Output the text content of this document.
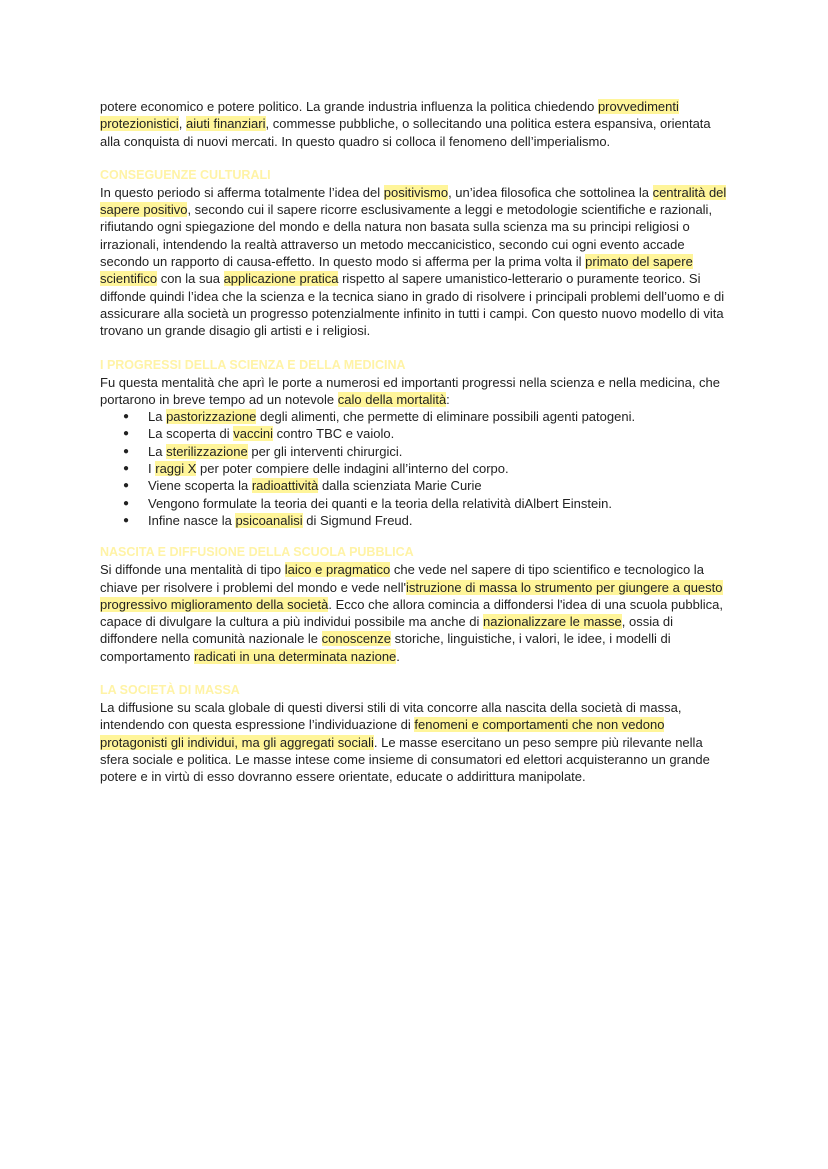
potere economico e potere politico. La grande industria influenza la politica chiedendo provvedimenti protezionistici, aiuti finanziari, commesse pubbliche, o sollecitando una politica estera espansiva, orientata alla conquista di nuovi mercati. In questo quadro si colloca il fenomeno dell’imperialismo.

CONSEGUENZE CULTURALI

In questo periodo si afferma totalmente l’idea del positivismo, un’idea filosofica che sottolinea la centralità del sapere positivo, secondo cui il sapere ricorre esclusivamente a leggi e metodologie scientifiche e razionali, rifiutando ogni spiegazione del mondo e della natura non basata sulla scienza ma su principi religiosi o irrazionali, intendendo la realtà attraverso un metodo meccanicistico, secondo cui ogni evento accade secondo un rapporto di causa-effetto. In questo modo si afferma per la prima volta il primato del sapere scientifico con la sua applicazione pratica rispetto al sapere umanistico-letterario o puramente teorico. Si diffonde quindi l’idea che la scienza e la tecnica siano in grado di risolvere i principali problemi dell’uomo e di assicurare alla società un progresso potenzialmente infinito in tutti i campi. Con questo nuovo modello di vita trovano un grande disagio gli artisti e i religiosi.

I PROGRESSI DELLA SCIENZA E DELLA MEDICINA

Fu questa mentalità che aprì le porte a numerosi ed importanti progressi nella scienza e nella medicina, che portarono in breve tempo ad un notevole calo della mortalità:

● La pastorizzazione degli alimenti, che permette di eliminare possibili agenti patogeni.
● La scoperta di vaccini contro TBC e vaiolo.
● La sterilizzazione per gli interventi chirurgici.
● I raggi X per poter compiere delle indagini all’interno del corpo.
● Viene scoperta la radioattività dalla scienziata Marie Curie
● Vengono formulate la teoria dei quanti e la teoria della relatività diAlbert Einstein.
● Infine nasce la psicoanalisi di Sigmund Freud.
NASCITA E DIFFUSIONE DELLA SCUOLA PUBBLICA

Si diffonde una mentalità di tipo laico e pragmatico che vede nel sapere di tipo scientifico e tecnologico la chiave per risolvere i problemi del mondo e vede nell'istruzione di massa lo strumento per giungere a questo progressivo miglioramento della società. Ecco che allora comincia a diffondersi l'idea di una scuola pubblica, capace di divulgare la cultura a più individui possibile ma anche di nazionalizzare le masse, ossia di diffondere nella comunità nazionale le conoscenze storiche, linguistiche, i valori, le idee, i modelli di comportamento radicati in una determinata nazione.

LA SOCIETÀ DI MASSA

La diffusione su scala globale di questi diversi stili di vita concorre alla nascita della società di massa, intendendo con questa espressione l’individuazione di fenomeni e comportamenti che non vedono protagonisti gli individui, ma gli aggregati sociali. Le masse esercitano un peso sempre più rilevante nella sfera sociale e politica. Le masse intese come insieme di consumatori ed elettori acquisteranno un grande potere e in virtù di esso dovranno essere orientate, educate o addirittura manipolate.
